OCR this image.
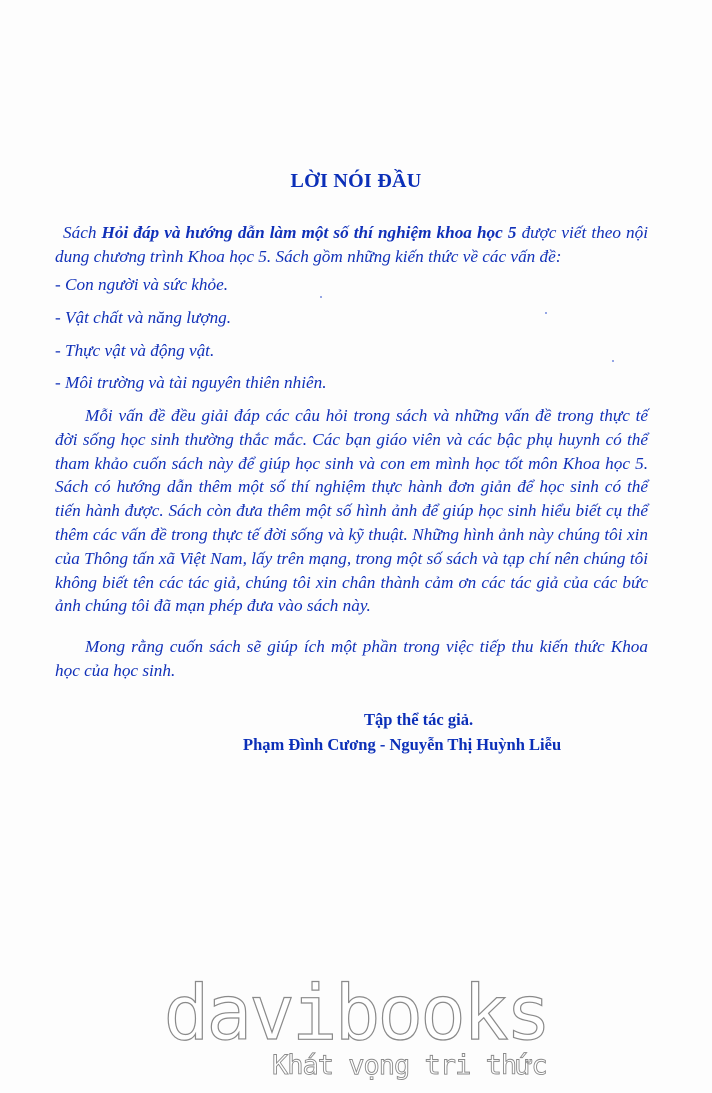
LỜI NÓI ĐẦU

Sách Hỏi đáp và hướng dẫn làm một số thí nghiệm khoa học 5 được viết theo nội dung chương trình Khoa học 5. Sách gồm những kiến thức về các vấn đề:

- Con người và sức khỏe.

- Vật chất và năng lượng.

- Thực vật và động vật.

- Môi trường và tài nguyên thiên nhiên.

Mỗi vấn đề đều giải đáp các câu hỏi trong sách và những vấn đề trong thực tế đời sống học sinh thường thắc mắc. Các bạn giáo viên và các bậc phụ huynh có thể tham khảo cuốn sách này để giúp học sinh và con em mình học tốt môn Khoa học 5. Sách có hướng dẫn thêm một số thí nghiệm thực hành đơn giản để học sinh có thể tiến hành được. Sách còn đưa thêm một số hình ảnh để giúp học sinh hiểu biết cụ thể thêm các vấn đề trong thực tế đời sống và kỹ thuật. Những hình ảnh này chúng tôi xin của Thông tấn xã Việt Nam, lấy trên mạng, trong một số sách và tạp chí nên chúng tôi không biết tên các tác giả, chúng tôi xin chân thành cảm ơn các tác giả của các bức ảnh chúng tôi đã mạn phép đưa vào sách này.

Mong rằng cuốn sách sẽ giúp ích một phần trong việc tiếp thu kiến thức Khoa học của học sinh.

Tập thể tác giả.
Phạm Đình Cương - Nguyễn Thị Huỳnh Liễu
davibooks
Khát vọng tri thức
